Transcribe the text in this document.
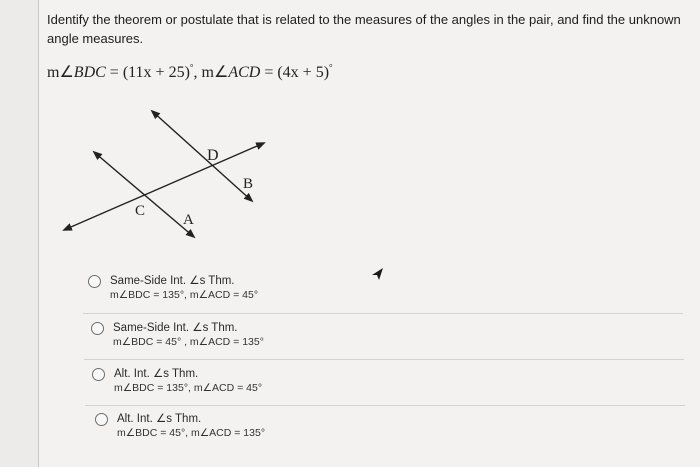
Identify the theorem or postulate that is related to the measures of the angles in the pair, and find the unknown angle measures.
m∠BDC = (11x + 25)°, m∠ACD = (4x + 5)°
D
B
C
A
Same-Side Int. ∠s Thm.
m∠BDC = 135°, m∠ACD = 45°
Same-Side Int. ∠s Thm.
m∠BDC = 45° , m∠ACD = 135°
Alt. Int. ∠s Thm.
m∠BDC = 135°, m∠ACD = 45°
Alt. Int. ∠s Thm.
m∠BDC = 45°, m∠ACD = 135°
